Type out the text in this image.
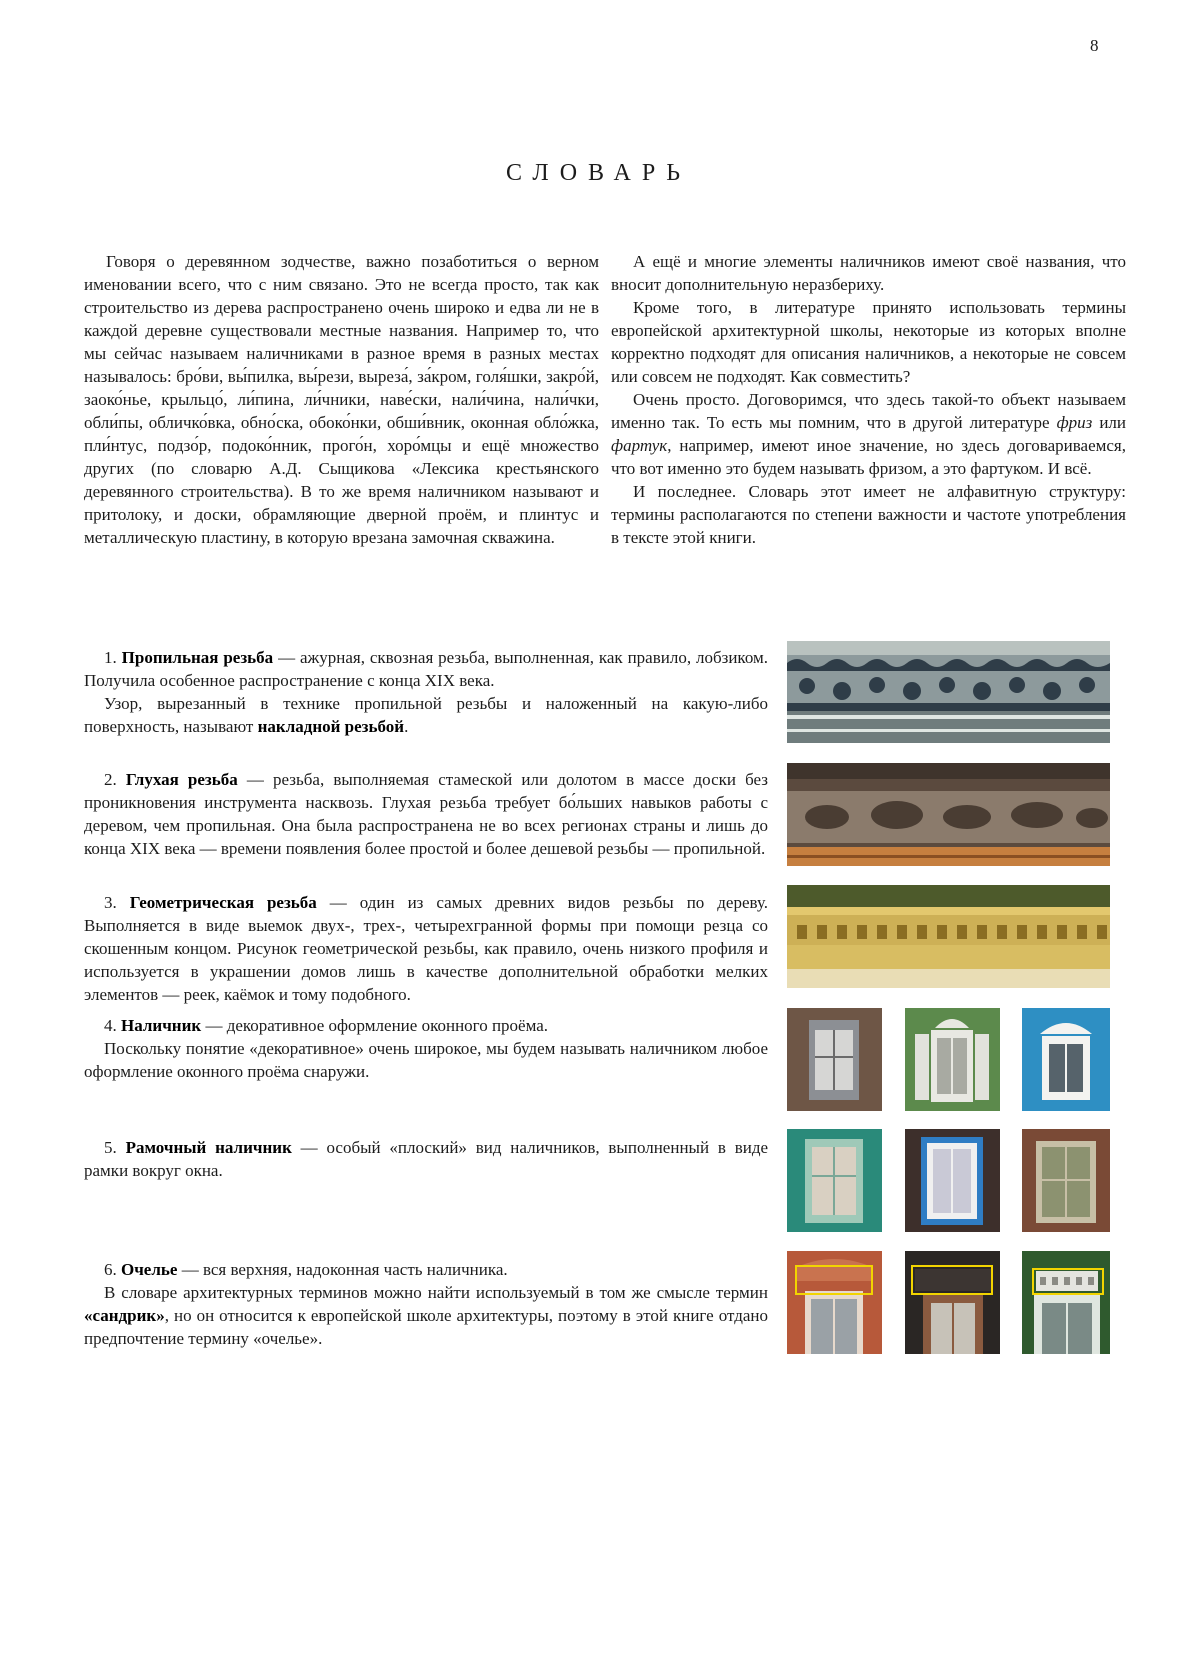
8
СЛОВАРЬ

Говоря о деревянном зодчестве, важно позаботиться о верном именовании всего, что с ним связано. Это не всегда просто, так как строительство из дерева распространено очень широко и едва ли не в каждой деревне существовали местные названия. Например то, что мы сейчас называем наличниками в разное время в разных местах называлось: бро́ви, вы́пилка, вы́рези, выреза́, за́кром, голя́шки, закро́й, заоко́нье, крыльцо́, ли́пина, ли́чники, наве́ски, нали́чина, нали́чки, обли́пы, обличко́вка, обно́ска, обоко́нки, обши́вник, оконная обло́жка, пли́нтус, подзо́р, подоко́нник, прого́н, хоро́мцы и ещё множество других (по словарю А.Д. Сыщикова «Лексика крестьянского деревянного строительства). В то же время наличником называют и притолоку, и доски, обрамляющие дверной проём, и плинтус и металлическую пластину, в которую врезана замочная скважина.

А ещё и многие элементы наличников имеют своё названия, что вносит дополнительную неразбериху.

Кроме того, в литературе принято использовать термины европейской архитектурной школы, некоторые из которых вполне корректно подходят для описания наличников, а некоторые не совсем или совсем не подходят. Как совместить?

Очень просто. Договоримся, что здесь такой-то объект называем именно так. То есть мы помним, что в другой литературе фриз или фартук, например, имеют иное значение, но здесь договариваемся, что вот именно это будем называть фризом, а это фартуком. И всё.

И последнее. Словарь этот имеет не алфавитную структуру: термины располагаются по степени важности и частоте употребления в тексте этой книги.

1. Пропильная резьба — ажурная, сквозная резьба, выполненная, как правило, лобзиком. Получила особенное распространение с конца XIX века.

Узор, вырезанный в технике пропильной резьбы и наложенный на какую-либо поверхность, называют накладной резьбой.

2. Глухая резьба — резьба, выполняемая стамеской или долотом в массе доски без проникновения инструмента насквозь. Глухая резьба требует бо́льших навыков работы с деревом, чем пропильная. Она была распространена не во всех регионах страны и лишь до конца XIX века — времени появления более простой и более дешевой резьбы — пропильной.

3. Геометрическая резьба — один из самых древних видов резьбы по дереву. Выполняется в виде выемок двух-, трех-, четырехгранной формы при помощи резца со скошенным концом. Рисунок геометрической резьбы, как правило, очень низкого профиля и используется в украшении домов лишь в качестве дополнительной обработки мелких элементов — реек, каёмок и тому подобного.

4. Наличник — декоративное оформление оконного проёма.

Поскольку понятие «декоративное» очень широкое, мы будем называть наличником любое оформление оконного проёма снаружи.

5. Рамочный наличник — особый «плоский» вид наличников, выполненный в виде рамки вокруг окна.

6. Очелье — вся верхняя, надоконная часть наличника.

В словаре архитектурных терминов можно найти используемый в том же смысле термин «сандрик», но он относится к европейской школе архитектуры, поэтому в этой книге отдано предпочтение термину «очелье».
